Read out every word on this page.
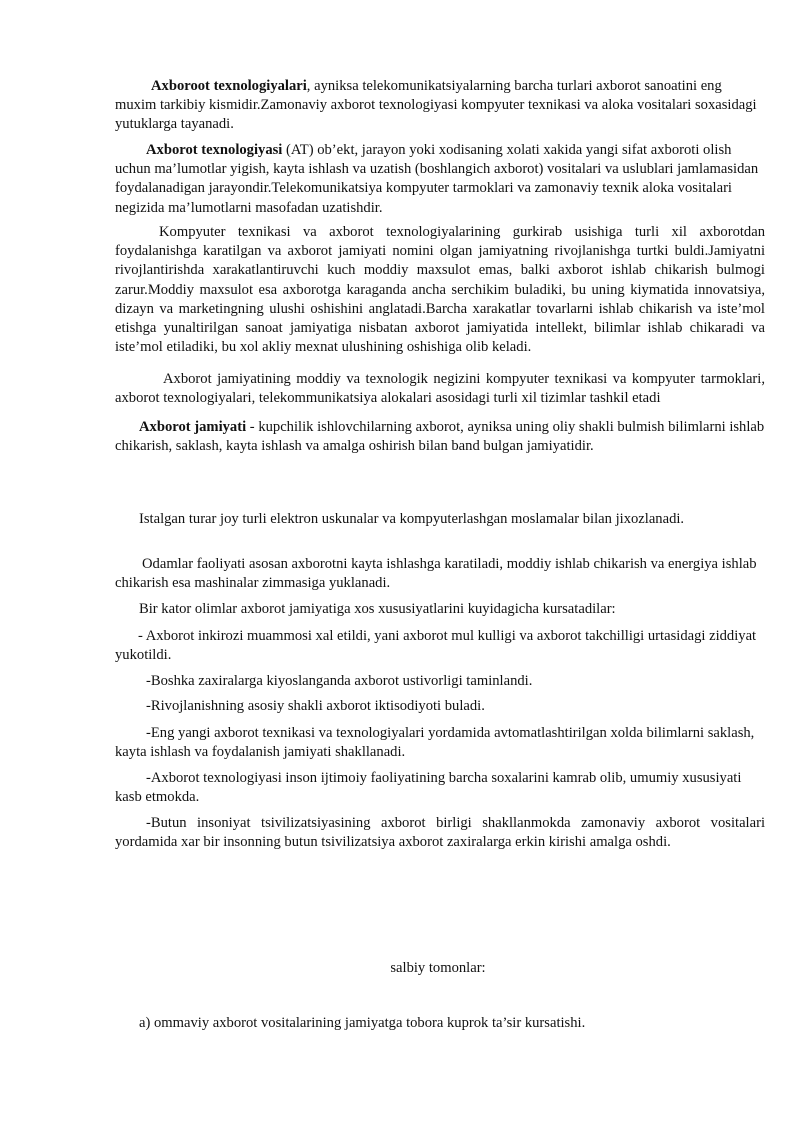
Axboroot texnologiyalari, ayniksa telekomunikatsiyalarning barcha turlari axborot sanoatini eng muxim tarkibiy kismidir.Zamonaviy axborot texnologiyasi kompyuter texnikasi va aloka vositalari soxasidagi yutuklarga tayanadi.

Axborot texnologiyasi (AT) ob’ekt, jarayon yoki xodisaning xolati xakida yangi sifat axboroti olish uchun ma’lumotlar yigish, kayta ishlash va uzatish (boshlangich axborot) vositalari va uslublari jamlamasidan foydalanadigan jarayondir.Telekomunikatsiya kompyuter tarmoklari va zamonaviy texnik aloka vositalari negizida ma’lumotlarni masofadan uzatishdir.

Kompyuter texnikasi va axborot texnologiyalarining gurkirab usishiga turli xil axborotdan foydalanishga karatilgan va axborot jamiyati nomini olgan jamiyatning rivojlanishga turtki buldi.Jamiyatni rivojlantirishda xarakatlantiruvchi kuch moddiy maxsulot emas, balki axborot ishlab chikarish bulmogi zarur.Moddiy maxsulot esa axborotga karaganda ancha serchikim buladiki, bu uning kiymatida innovatsiya, dizayn va marketingning ulushi oshishini anglatadi.Barcha xarakatlar tovarlarni ishlab chikarish va iste’mol etishga yunaltirilgan sanoat jamiyatiga nisbatan axborot jamiyatida intellekt, bilimlar ishlab chikaradi va iste’mol etiladiki, bu xol akliy mexnat ulushining oshishiga olib keladi.

Axborot jamiyatining moddiy va texnologik negizini kompyuter texnikasi va kompyuter tarmoklari, axborot texnologiyalari, telekommunikatsiya alokalari asosidagi turli xil tizimlar tashkil etadi

Axborot jamiyati - kupchilik ishlovchilarning axborot, ayniksa uning oliy shakli bulmish bilimlarni ishlab chikarish, saklash, kayta ishlash va amalga oshirish bilan band bulgan jamiyatidir.

Istalgan turar joy turli elektron uskunalar va kompyuterlashgan moslamalar bilan jixozlanadi.

Odamlar faoliyati asosan axborotni kayta ishlashga karatiladi, moddiy ishlab chikarish va energiya ishlab chikarish esa mashinalar zimmasiga yuklanadi.

Bir kator olimlar axborot jamiyatiga xos xususiyatlarini kuyidagicha kursatadilar:

- Axborot inkirozi muammosi xal etildi, yani axborot mul kulligi va axborot takchilligi urtasidagi ziddiyat yukotildi.

-Boshka zaxiralarga kiyoslanganda axborot ustivorligi taminlandi.

-Rivojlanishning asosiy shakli axborot iktisodiyoti buladi.

-Eng yangi axborot texnikasi va texnologiyalari yordamida avtomatlashtirilgan xolda bilimlarni saklash, kayta ishlash va foydalanish jamiyati shakllanadi.

-Axborot texnologiyasi inson ijtimoiy faoliyatining barcha soxalarini kamrab olib, umumiy xususiyati kasb etmokda.

-Butun insoniyat tsivilizatsiyasining axborot birligi shakllanmokda zamonaviy axborot vositalari yordamida xar bir insonning butun tsivilizatsiya axborot zaxiralarga erkin kirishi amalga oshdi.

salbiy tomonlar:

a) ommaviy axborot vositalarining jamiyatga tobora kuprok ta’sir kursatishi.
